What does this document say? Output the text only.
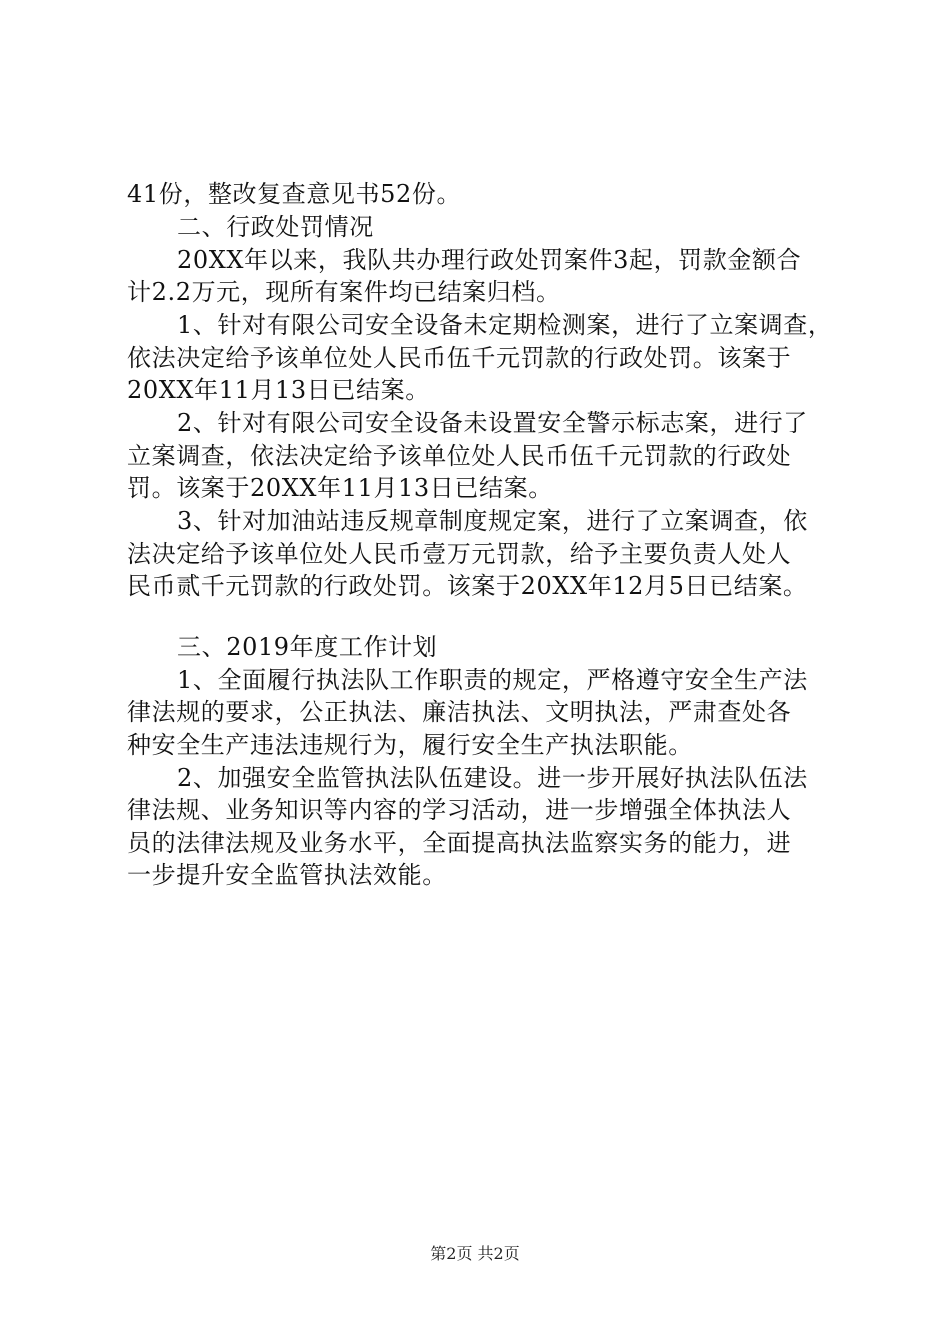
41份，整改复查意见书52份。
二、行政处罚情况
20XX年以来，我队共办理行政处罚案件3起，罚款金额合
计2.2万元，现所有案件均已结案归档。
1、针对有限公司安全设备未定期检测案，进行了立案调查，
依法决定给予该单位处人民币伍千元罚款的行政处罚。该案于
20XX年11月13日已结案。
2、针对有限公司安全设备未设置安全警示标志案，进行了
立案调查，依法决定给予该单位处人民币伍千元罚款的行政处
罚。该案于20XX年11月13日已结案。
3、针对加油站违反规章制度规定案，进行了立案调查，依
法决定给予该单位处人民币壹万元罚款，给予主要负责人处人
民币贰千元罚款的行政处罚。该案于20XX年12月5日已结案。
三、2019年度工作计划
1、全面履行执法队工作职责的规定，严格遵守安全生产法
律法规的要求，公正执法、廉洁执法、文明执法，严肃查处各
种安全生产违法违规行为，履行安全生产执法职能。
2、加强安全监管执法队伍建设。进一步开展好执法队伍法
律法规、业务知识等内容的学习活动，进一步增强全体执法人
员的法律法规及业务水平，全面提高执法监察实务的能力，进
一步提升安全监管执法效能。
第2页 共2页
